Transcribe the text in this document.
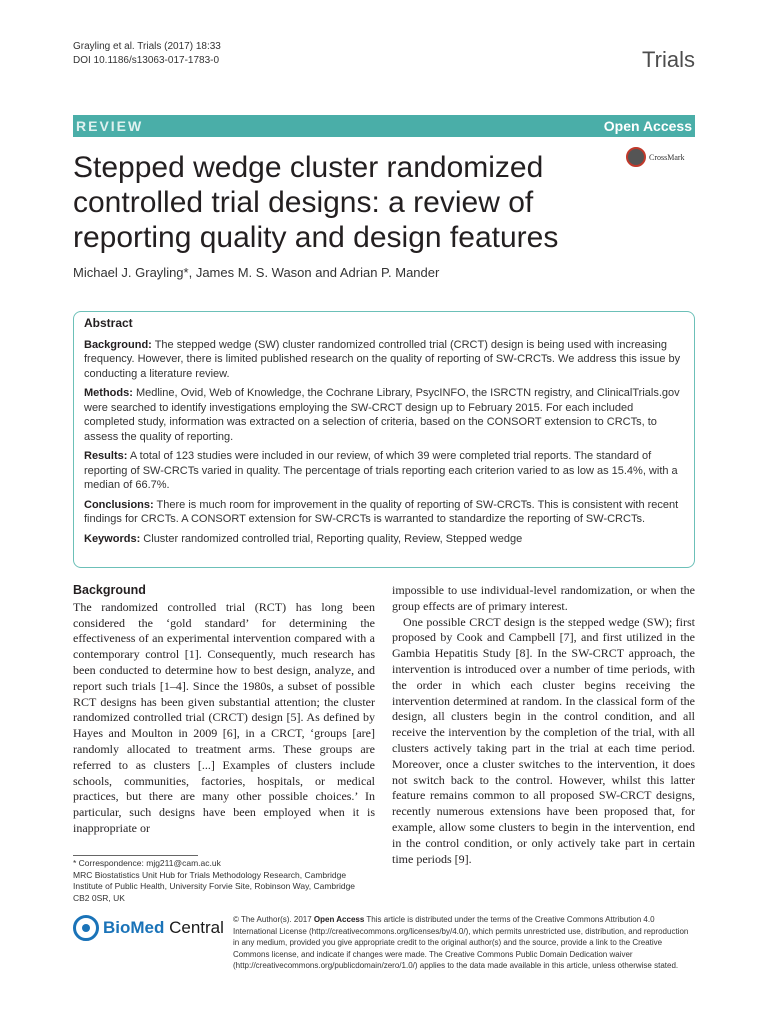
Grayling et al. Trials (2017) 18:33
DOI 10.1186/s13063-017-1783-0	Trials
REVIEW	Open Access
CrossMark
Stepped wedge cluster randomized controlled trial designs: a review of reporting quality and design features
Michael J. Grayling*, James M. S. Wason and Adrian P. Mander
Abstract

Background: The stepped wedge (SW) cluster randomized controlled trial (CRCT) design is being used with increasing frequency. However, there is limited published research on the quality of reporting of SW-CRCTs. We address this issue by conducting a literature review.

Methods: Medline, Ovid, Web of Knowledge, the Cochrane Library, PsycINFO, the ISRCTN registry, and ClinicalTrials.gov were searched to identify investigations employing the SW-CRCT design up to February 2015. For each included completed study, information was extracted on a selection of criteria, based on the CONSORT extension to CRCTs, to assess the quality of reporting.

Results: A total of 123 studies were included in our review, of which 39 were completed trial reports. The standard of reporting of SW-CRCTs varied in quality. The percentage of trials reporting each criterion varied to as low as 15.4%, with a median of 66.7%.

Conclusions: There is much room for improvement in the quality of reporting of SW-CRCTs. This is consistent with recent findings for CRCTs. A CONSORT extension for SW-CRCTs is warranted to standardize the reporting of SW-CRCTs.

Keywords: Cluster randomized controlled trial, Reporting quality, Review, Stepped wedge

Background

The randomized controlled trial (RCT) has long been considered the ‘gold standard’ for determining the effectiveness of an experimental intervention compared with a contemporary control [1]. Consequently, much research has been conducted to determine how to best design, analyze, and report such trials [1–4]. Since the 1980s, a subset of possible RCT designs has been given substantial attention; the cluster randomized controlled trial (CRCT) design [5]. As defined by Hayes and Moulton in 2009 [6], in a CRCT, ‘groups [are] randomly allocated to treatment arms. These groups are referred to as clusters [...] Examples of clusters include schools, communities, factories, hospitals, or medical practices, but there are many other possible choices.’ In particular, such designs have been employed when it is inappropriate or

impossible to use individual-level randomization, or when the group effects are of primary interest.

One possible CRCT design is the stepped wedge (SW); first proposed by Cook and Campbell [7], and first utilized in the Gambia Hepatitis Study [8]. In the SW-CRCT approach, the intervention is introduced over a number of time periods, with the order in which each cluster begins receiving the intervention determined at random. In the classical form of the design, all clusters begin in the control condition, and all receive the intervention by the completion of the trial, with all clusters actively taking part in the trial at each time period. Moreover, once a cluster switches to the intervention, it does not switch back to the control. However, whilst this latter feature remains common to all proposed SW-CRCT designs, recently numerous extensions have been proposed that, for example, allow some clusters to begin in the intervention, end in the control condition, or only actively take part in certain time periods [9].

* Correspondence: mjg211@cam.ac.uk
MRC Biostatistics Unit Hub for Trials Methodology Research, Cambridge Institute of Public Health, University Forvie Site, Robinson Way, Cambridge CB2 0SR, UK
BioMed Central © The Author(s). 2017 Open Access This article is distributed under the terms of the Creative Commons Attribution 4.0 International License (http://creativecommons.org/licenses/by/4.0/), which permits unrestricted use, distribution, and reproduction in any medium, provided you give appropriate credit to the original author(s) and the source, provide a link to the Creative Commons license, and indicate if changes were made. The Creative Commons Public Domain Dedication waiver (http://creativecommons.org/publicdomain/zero/1.0/) applies to the data made available in this article, unless otherwise stated.
